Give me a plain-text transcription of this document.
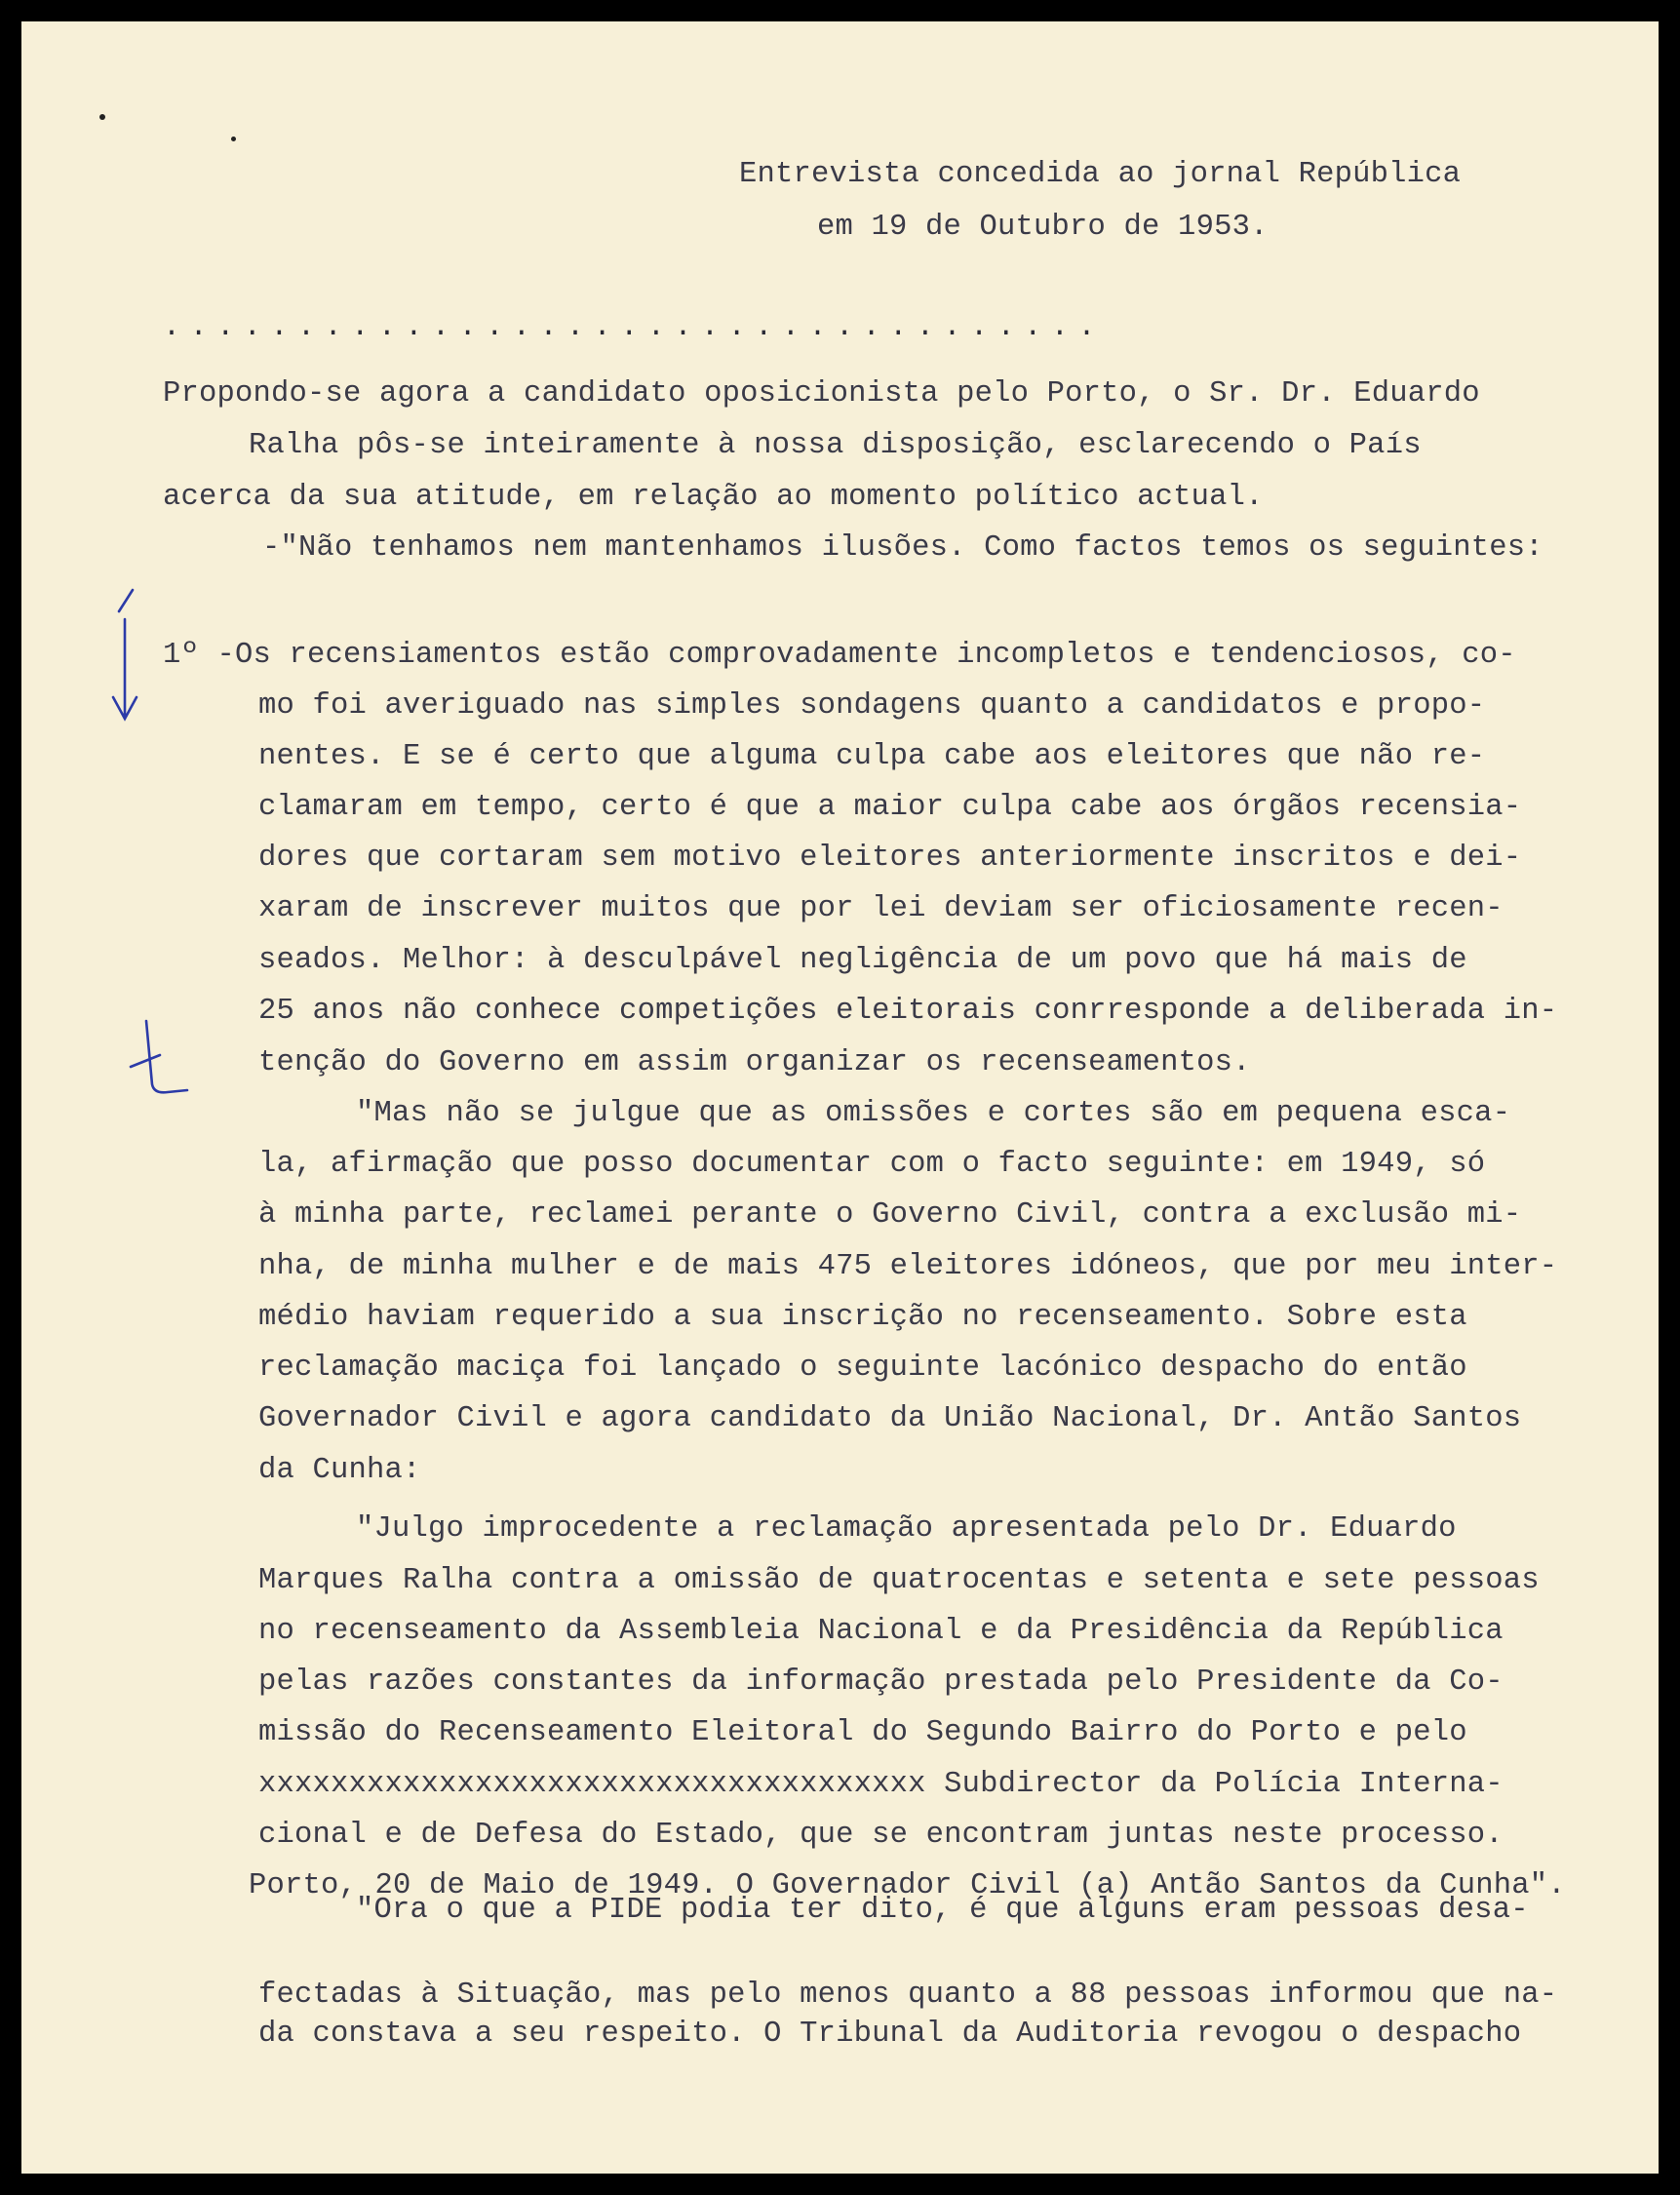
Entrevista concedida ao jornal República
em 19 de Outubro de 1953.
...................................
Propondo-se agora a candidato oposicionista pelo Porto, o Sr. Dr. Eduardo
Ralha pôs-se inteiramente à nossa disposição, esclarecendo o País
acerca da sua atitude, em relação ao momento político actual.
-"Não tenhamos nem mantenhamos ilusões. Como factos temos os seguintes:
1º -Os recensiamentos estão comprovadamente incompletos e tendenciosos, co-
mo foi averiguado nas simples sondagens quanto a candidatos e propo-
nentes. E se é certo que alguma culpa cabe aos eleitores que não re-
clamaram em tempo, certo é que a maior culpa cabe aos órgãos recensia-
dores que cortaram sem motivo eleitores anteriormente inscritos e dei-
xaram de inscrever muitos que por lei deviam ser oficiosamente recen-
seados. Melhor: à desculpável negligência de um povo que há mais de
25 anos não conhece competições eleitorais conrresponde a deliberada in-
tenção do Governo em assim organizar os recenseamentos.
"Mas não se julgue que as omissões e cortes são em pequena esca-
la, afirmação que posso documentar com o facto seguinte: em 1949, só
à minha parte, reclamei perante o Governo Civil, contra a exclusão mi-
nha, de minha mulher e de mais 475 eleitores idóneos, que por meu inter-
médio haviam requerido a sua inscrição no recenseamento. Sobre esta
reclamação maciça foi lançado o seguinte lacónico despacho do então
Governador Civil e agora candidato da União Nacional, Dr. Antão Santos
da Cunha:
"Julgo improcedente a reclamação apresentada pelo Dr. Eduardo
Marques Ralha contra a omissão de quatrocentas e setenta e sete pessoas
no recenseamento da Assembleia Nacional e da Presidência da República
pelas razões constantes da informação prestada pelo Presidente da Co-
missão do Recenseamento Eleitoral do Segundo Bairro do Porto e pelo
xxxxxxxxxxxxxxxxxxxxxxxxxxxxxxxxxxxxx Subdirector da Polícia Interna-
cional e de Defesa do Estado, que se encontram juntas neste processo.
Porto, 20 de Maio de 1949. O Governador Civil (a) Antão Santos da Cunha".
"Ora o que a PIDE podia ter dito, é que alguns eram pessoas desa-
fectadas à Situação, mas pelo menos quanto a 88 pessoas informou que na-
da constava a seu respeito. O Tribunal da Auditoria revogou o despacho
